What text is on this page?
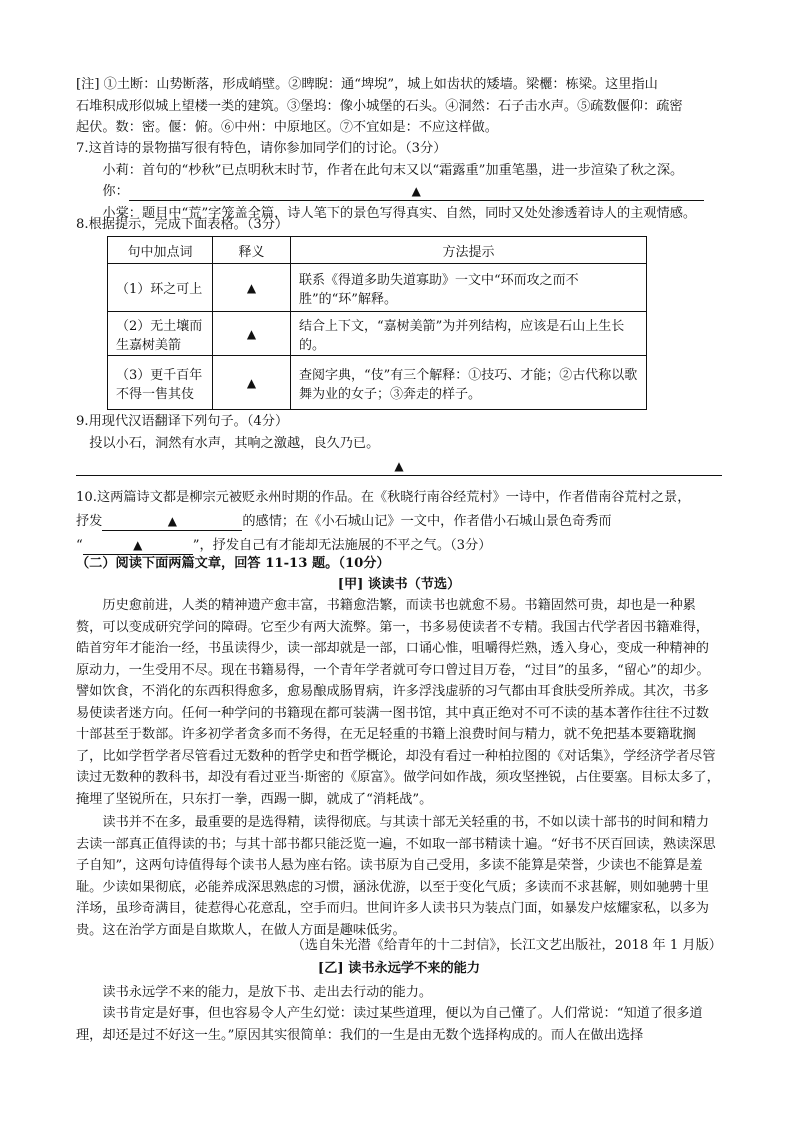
[注] ①土断：山势断落，形成峭壁。②睥睨：通“埤堄”，城上如齿状的矮墙。梁欐：栋梁。这里指山
石堆积成形似城上望楼一类的建筑。③堡坞：像小城堡的石头。④洞然：石子击水声。⑤疏数偃仰：疏密
起伏。数：密。偃：俯。⑥中州：中原地区。⑦不宜如是：不应这样做。
7.这首诗的景物描写很有特色，请你参加同学们的讨论。（3分）
小莉：首句的“杪秋”已点明秋末时节，作者在此句末又以“霜露重”加重笔墨，进一步渲染了秋之深。
你：	▲
小棠：题目中“荒”字笼盖全篇，诗人笔下的景色写得真实、自然，同时又处处渗透着诗人的主观情感。
8.根据提示，完成下面表格。（3分）
句中加点词	释义	方法提示
（1）环之可上	▲	联系《得道多助失道寡助》一文中“环而攻之而不胜”的“环”解释。
（2）无土壤而生嘉树美箭	▲	结合上下文，“嘉树美箭”为并列结构，应该是石山上生长的。
（3）更千百年不得一售其伎	▲	查阅字典，“伎”有三个解释：①技巧、才能；②古代称以歌舞为业的女子；③奔走的样子。
9.用现代汉语翻译下列句子。（4分）
投以小石，洞然有水声，其响之激越，良久乃已。
▲
10.这两篇诗文都是柳宗元被贬永州时期的作品。在《秋晓行南谷经荒村》一诗中，作者借南谷荒村之景，
抒发	▲	的感情；在《小石城山记》一文中，作者借小石城山景色奇秀而
“	▲	”，抒发自己有才能却无法施展的不平之气。（3分）
（二）阅读下面两篇文章，回答 11-13 题。（10分）
[甲] 谈读书（节选）
历史愈前进，人类的精神遗产愈丰富，书籍愈浩繁，而读书也就愈不易。书籍固然可贵，却也是一种累赘，可以变成研究学问的障碍。它至少有两大流弊。第一，书多易使读者不专精。我国古代学者因书籍难得，皓首穷年才能治一经，书虽读得少，读一部却就是一部，口诵心惟，咀嚼得烂熟，透入身心，变成一种精神的原动力，一生受用不尽。现在书籍易得，一个青年学者就可夸口曾过目万卷，“过目”的虽多，“留心”的却少。譬如饮食，不消化的东西积得愈多，愈易酿成肠胃病，许多浮浅虚骄的习气都由耳食肤受所养成。其次，书多易使读者迷方向。任何一种学问的书籍现在都可装满一图书馆，其中真正绝对不可不读的基本著作往往不过数十部甚至于数部。许多初学者贪多而不务得，在无足轻重的书籍上浪费时间与精力，就不免把基本要籍耽搁了，比如学哲学者尽管看过无数种的哲学史和哲学概论，却没有看过一种柏拉图的《对话集》，学经济学者尽管读过无数种的教科书，却没有看过亚当·斯密的《原富》。做学问如作战，须攻坚挫锐，占住要塞。目标太多了，掩埋了坚锐所在，只东打一拳，西踢一脚，就成了“消耗战”。
读书并不在多，最重要的是选得精，读得彻底。与其读十部无关轻重的书，不如以读十部书的时间和精力去读一部真正值得读的书；与其十部书都只能泛览一遍，不如取一部书精读十遍。“好书不厌百回读，熟读深思子自知”，这两句诗值得每个读书人悬为座右铭。读书原为自己受用，多读不能算是荣誉，少读也不能算是羞耻。少读如果彻底，必能养成深思熟虑的习惯，涵泳优游，以至于变化气质；多读而不求甚解，则如驰骋十里洋场，虽珍奇满目，徒惹得心花意乱，空手而归。世间许多人读书只为装点门面，如暴发户炫耀家私，以多为贵。这在治学方面是自欺欺人，在做人方面是趣味低劣。
（选自朱光潜《给青年的十二封信》，长江文艺出版社，2018 年 1 月版）
[乙] 读书永远学不来的能力
读书永远学不来的能力，是放下书、走出去行动的能力。
读书肯定是好事，但也容易令人产生幻觉：读过某些道理，便以为自己懂了。人们常说：“知道了很多道理，却还是过不好这一生。”原因其实很简单：我们的一生是由无数个选择构成的。而人在做出选择
